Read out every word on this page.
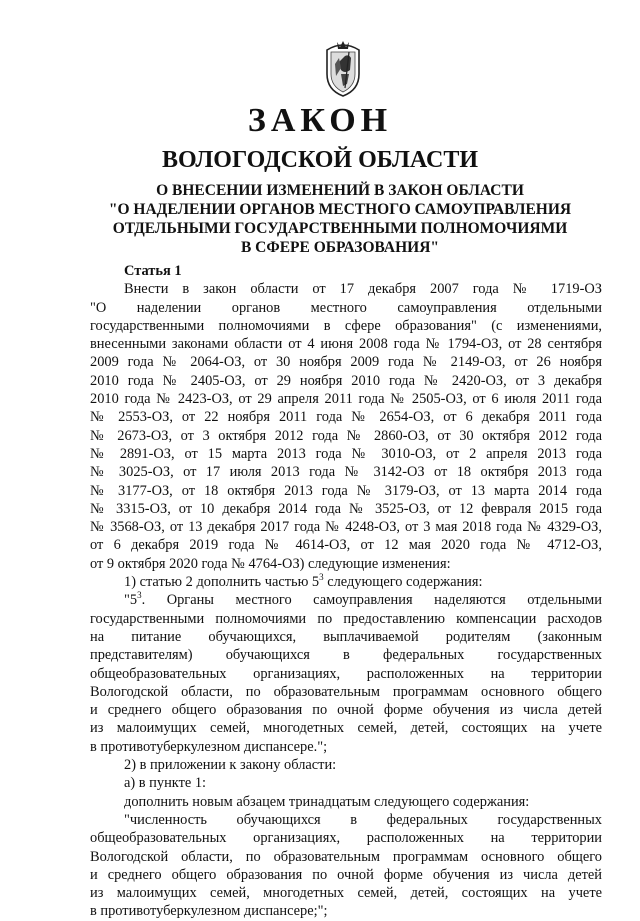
ЗАКОН
ВОЛОГОДСКОЙ ОБЛАСТИ
О ВНЕСЕНИИ ИЗМЕНЕНИЙ В ЗАКОН ОБЛАСТИ
"О НАДЕЛЕНИИ ОРГАНОВ МЕСТНОГО САМОУПРАВЛЕНИЯ
ОТДЕЛЬНЫМИ ГОСУДАРСТВЕННЫМИ ПОЛНОМОЧИЯМИ
В СФЕРЕ ОБРАЗОВАНИЯ"
Статья 1
Внести в закон области от 17 декабря 2007 года № 1719-ОЗ
"О наделении органов местного самоуправления отдельными
государственными полномочиями в сфере образования" (с изменениями,
внесенными законами области от 4 июня 2008 года № 1794-ОЗ, от 28 сентября
2009 года № 2064-ОЗ, от 30 ноября 2009 года № 2149-ОЗ, от 26 ноября
2010 года № 2405-ОЗ, от 29 ноября 2010 года № 2420-ОЗ, от 3 декабря
2010 года № 2423-ОЗ, от 29 апреля 2011 года № 2505-ОЗ, от 6 июля 2011 года
№ 2553-ОЗ, от 22 ноября 2011 года № 2654-ОЗ, от 6 декабря 2011 года
№ 2673-ОЗ, от 3 октября 2012 года № 2860-ОЗ, от 30 октября 2012 года
№ 2891-ОЗ, от 15 марта 2013 года № 3010-ОЗ, от 2 апреля 2013 года
№ 3025-ОЗ, от 17 июля 2013 года № 3142-ОЗ от 18 октября 2013 года
№ 3177-ОЗ, от 18 октября 2013 года № 3179-ОЗ, от 13 марта 2014 года
№ 3315-ОЗ, от 10 декабря 2014 года № 3525-ОЗ, от 12 февраля 2015 года
№ 3568-ОЗ, от 13 декабря 2017 года № 4248-ОЗ, от 3 мая 2018 года № 4329-ОЗ,
от 6 декабря 2019 года № 4614-ОЗ, от 12 мая 2020 года № 4712-ОЗ,
от 9 октября 2020 года № 4764-ОЗ) следующие изменения:
1) статью 2 дополнить частью $5^3$ следующего содержания:
"$5^3$. Органы местного самоуправления наделяются отдельными
государственными полномочиями по предоставлению компенсации расходов
на питание обучающихся, выплачиваемой родителям (законным
представителям) обучающихся в федеральных государственных
общеобразовательных организациях, расположенных на территории
Вологодской области, по образовательным программам основного общего
и среднего общего образования по очной форме обучения из числа детей
из малоимущих семей, многодетных семей, детей, состоящих на учете
в противотуберкулезном диспансере.";
2) в приложении к закону области:
а) в пункте 1:
дополнить новым абзацем тринадцатым следующего содержания:
"численность обучающихся в федеральных государственных
общеобразовательных организациях, расположенных на территории
Вологодской области, по образовательным программам основного общего
и среднего общего образования по очной форме обучения из числа детей
из малоимущих семей, многодетных семей, детей, состоящих на учете
в противотуберкулезном диспансере;";
